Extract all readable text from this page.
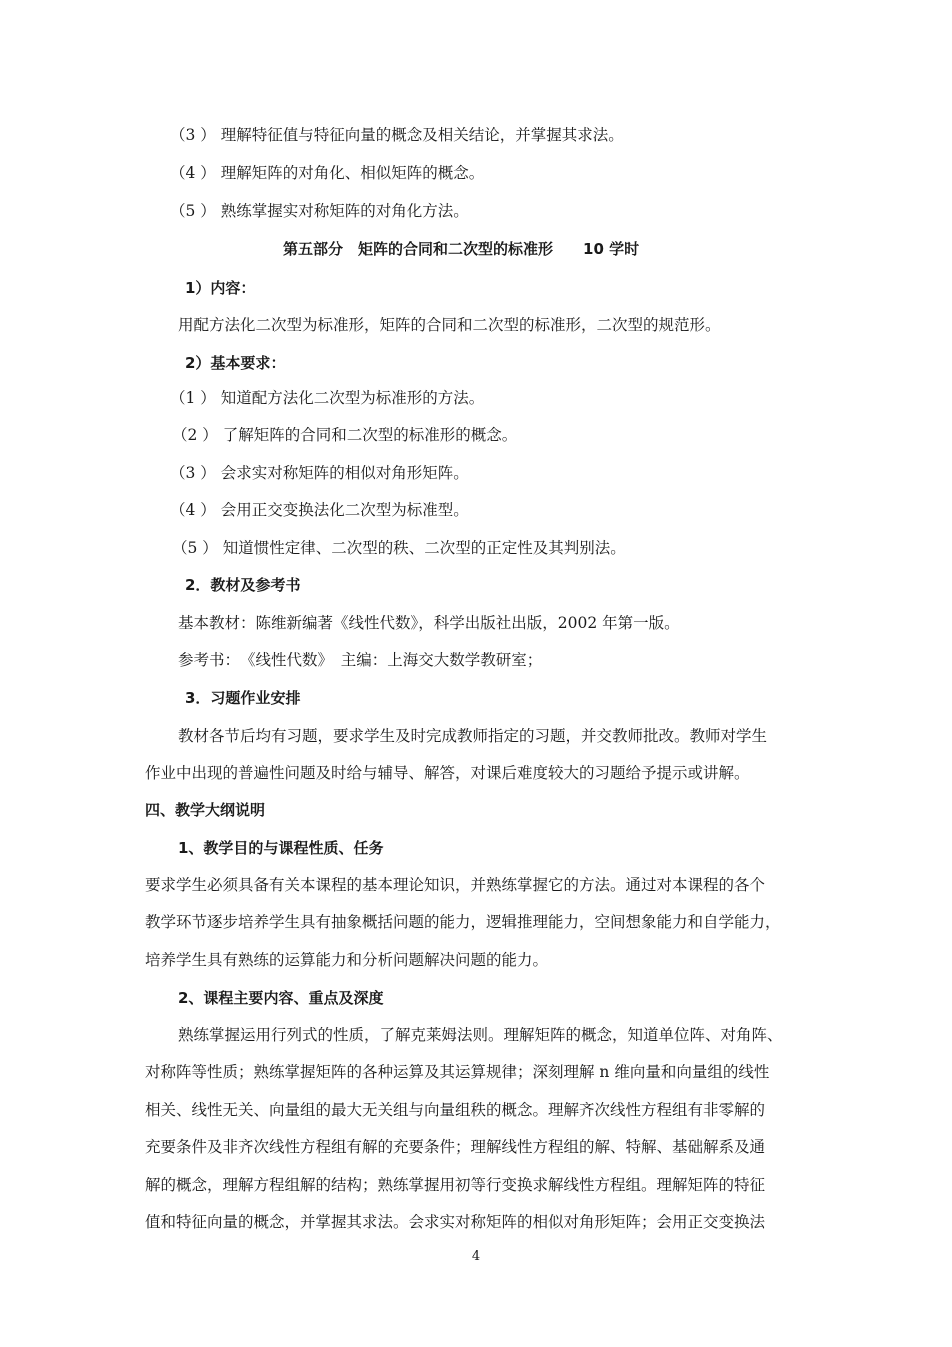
（3 ） 理解特征值与特征向量的概念及相关结论，并掌握其求法。
（4 ） 理解矩阵的对角化、相似矩阵的概念。
（5 ） 熟练掌握实对称矩阵的对角化方法。
第五部分　矩阵的合同和二次型的标准形　　10 学时
1）内容：
用配方法化二次型为标准形，矩阵的合同和二次型的标准形，二次型的规范形。
2）基本要求：
（1 ） 知道配方法化二次型为标准形的方法。
（2 ） 了解矩阵的合同和二次型的标准形的概念。
（3 ） 会求实对称矩阵的相似对角形矩阵。
（4 ） 会用正交变换法化二次型为标准型。
（5 ） 知道惯性定律、二次型的秩、二次型的正定性及其判别法。
2．教材及参考书
基本教材：陈维新编著《线性代数》，科学出版社出版，2002 年第一版。
参考书：　《线性代数》　主编：上海交大数学教研室；
3．习题作业安排
教材各节后均有习题，要求学生及时完成教师指定的习题，并交教师批改。教师对学生
作业中出现的普遍性问题及时给与辅导、解答，对课后难度较大的习题给予提示或讲解。
四、教学大纲说明
1、教学目的与课程性质、任务
要求学生必须具备有关本课程的基本理论知识，并熟练掌握它的方法。通过对本课程的各个
教学环节逐步培养学生具有抽象概括问题的能力，逻辑推理能力，空间想象能力和自学能力，
培养学生具有熟练的运算能力和分析问题解决问题的能力。
2、课程主要内容、重点及深度
熟练掌握运用行列式的性质，了解克莱姆法则。理解矩阵的概念，知道单位阵、对角阵、
对称阵等性质；熟练掌握矩阵的各种运算及其运算规律；深刻理解 n 维向量和向量组的线性
相关、线性无关、向量组的最大无关组与向量组秩的概念。理解齐次线性方程组有非零解的
充要条件及非齐次线性方程组有解的充要条件；理解线性方程组的解、特解、基础解系及通
解的概念，理解方程组解的结构；熟练掌握用初等行变换求解线性方程组。理解矩阵的特征
值和特征向量的概念，并掌握其求法。会求实对称矩阵的相似对角形矩阵；会用正交变换法
4
